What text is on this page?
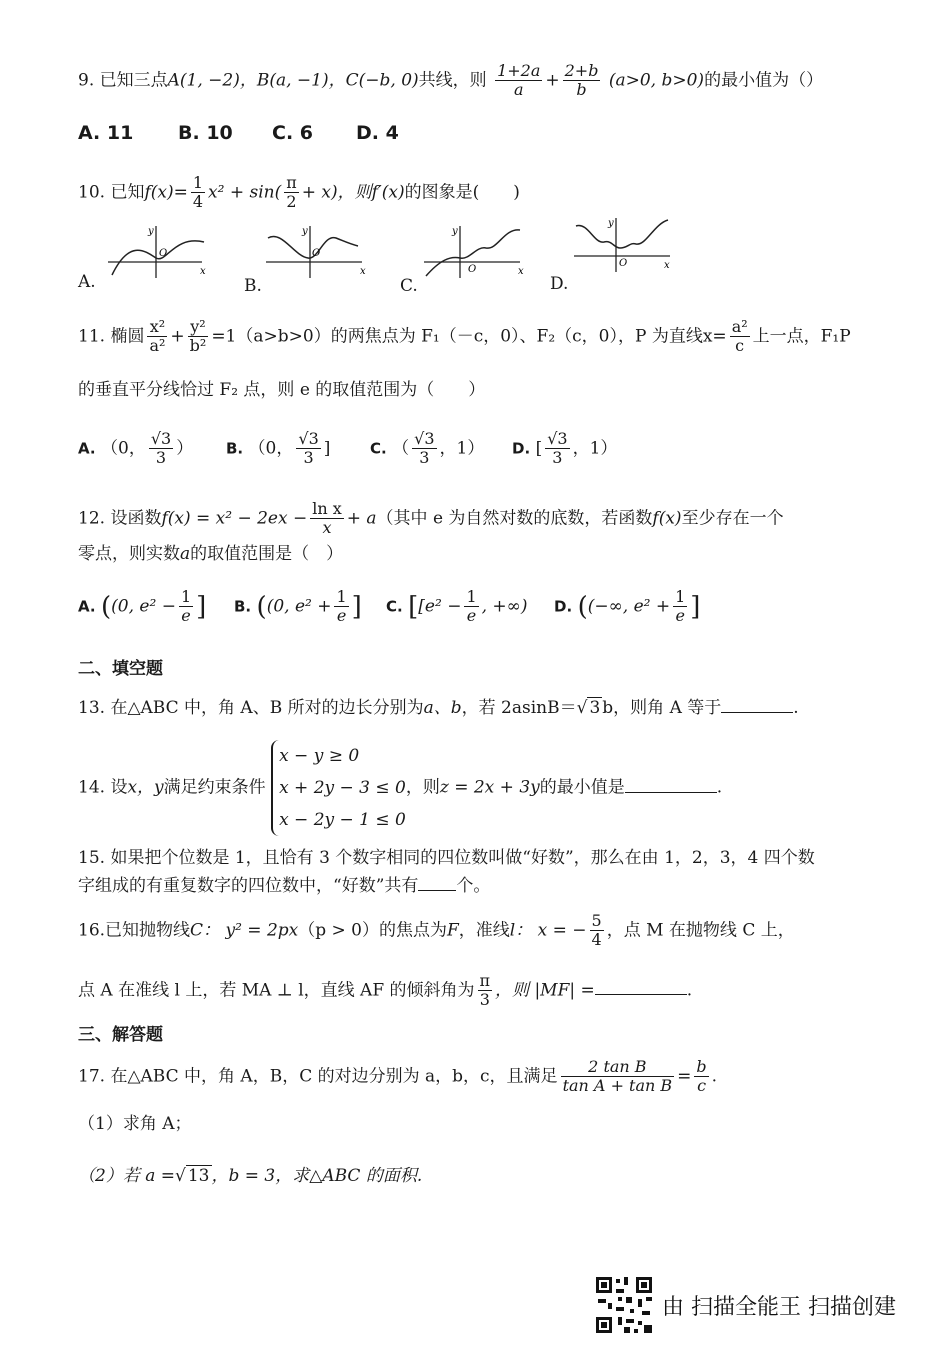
9. 已知三点A(1, −2)，B(a, −1)，C(−b, 0)共线，则 $\frac{1+2a}{a} + \frac{2+b}{b} (a>0$, b>0)的最小值为（）
A. 11 B. 10 C. 6 D. 4
10. 已知$f(x)= \frac{1}{4} x^2 + \sin( \frac{\pi}{2} + x)$，则f′(x)的图象是(　　)
A.
y
x
O
B.
y
x
O
C.
y
x
O
D.
y
x
O
11. 椭圆 $\frac{\text{x²}}{\text{a²}} + \frac{\text{y²}}{\text{b²}} =1(a>b>0)$的两焦点为 F₁（－c，0）、F₂（c，0），P 为直线$x= \frac{\text{a²}}{c}$ 上一点，F₁P
的垂直平分线恰过 F₂ 点，则 e 的取值范围为（　　）
A. （0， $\frac{√3}{3}$ ） B. （0， $\frac{√3}{3}$ ]	C. （ $\frac{√3}{3}$ ，1） D. [ $\frac{√3}{3}$ ，1）
12. 设函数$f(x) = x^2 - 2ex - \frac{\text{ln x}}{x} + a$（其中 e 为自然对数的底数，若函数f(x)至少存在一个
零点，则实数a的取值范围是（　）
A. ((0, $e^2 - \frac{1}{e}$ ] B. ((0, $e^2 + \frac{1}{e}$ ] C. [[$e^2 - \frac{1}{e}$ , +∞) D. ((−∞, $e^2 + \frac{1}{e}$ ]
二、填空题
13. 在△ABC 中，角 A、B 所对的边长分别为a、b，若 2asinB＝√ 3 b，则角 A 等于	.
14. 设x，y满足约束条件
x − y ≥ 0
x + 2y − 3 ≤ 0
x − 2y − 1 ≤ 0
，则z = 2x + 3y的最小值是	.
15. 如果把个位数是 1，且恰有 3 个数字相同的四位数叫做“好数”，那么在由 1，2，3，4 四个数
字组成的有重复数字的四位数中，“好数”共有 个。
16.已知抛物线C： y² = 2px（p > 0）的焦点为F，准线l： x = − $\frac{5}{4}$ ，点 M 在抛物线 C 上，
点 A 在准线 l 上，若 MA ⊥ l，直线 AF 的倾斜角为 $\frac{\pi}{3}$ ，则 |MF| =	.
三、解答题
17. 在△ABC 中，角 A，B，C 的对边分别为 a，b，c，且满足 $\frac{\text{2 tan B}}{\text{tan A + tan B}} = \frac{b}{c}$ .
（1）求角 A；
（2）若 a =√ 13 ，b = 3，求△ABC 的面积.
由 扫描全能王 扫描创建
